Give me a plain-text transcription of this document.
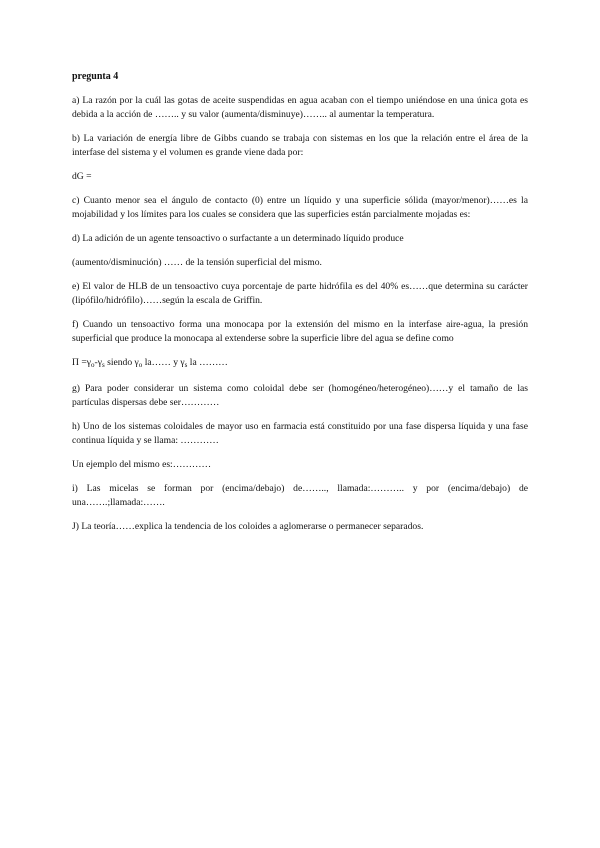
pregunta 4

a) La razón por la cuál las gotas de aceite suspendidas en agua acaban con el tiempo uniéndose en una única gota es debida a la acción de …….. y su valor (aumenta/disminuye)…….. al aumentar la temperatura.

b) La variación de energía libre de Gibbs cuando se trabaja con sistemas en los que la relación entre el área de la interfase del sistema y el volumen es grande viene dada por:

dG =

c) Cuanto menor sea el ángulo de contacto (0) entre un líquido y una superficie sólida (mayor/menor)……es la mojabilidad y los límites para los cuales se considera que las superficies están parcialmente mojadas es:

d) La adición de un agente tensoactivo o surfactante a un determinado líquido produce

(aumento/disminución) …… de la tensión superficial del mismo.

e) El valor de HLB de un tensoactivo cuya porcentaje de parte hidrófila es del 40% es……que determina su carácter (lipófilo/hidrófilo)……según la escala de Griffin.

f) Cuando un tensoactivo forma una monocapa por la extensión del mismo en la interfase aire-agua, la presión superficial que produce la monocapa al extenderse sobre la superficie libre del agua se define como

$\Pi =\gamma_o-\gamma_s$ siendo $\gamma_o$ la…… y $\gamma_s$ la ………

g) Para poder considerar un sistema como coloidal debe ser (homogéneo/heterogéneo)……y el tamaño de las partículas dispersas debe ser…………

h) Uno de los sistemas coloidales de mayor uso en farmacia está constituido por una fase dispersa líquida y una fase continua líquida y se llama: …………

Un ejemplo del mismo es:…………

i) Las micelas se forman por (encima/debajo) de…….., llamada:……….. y por (encima/debajo) de una…….;llamada:…….

J) La teoría……explica la tendencia de los coloides a aglomerarse o permanecer separados.
